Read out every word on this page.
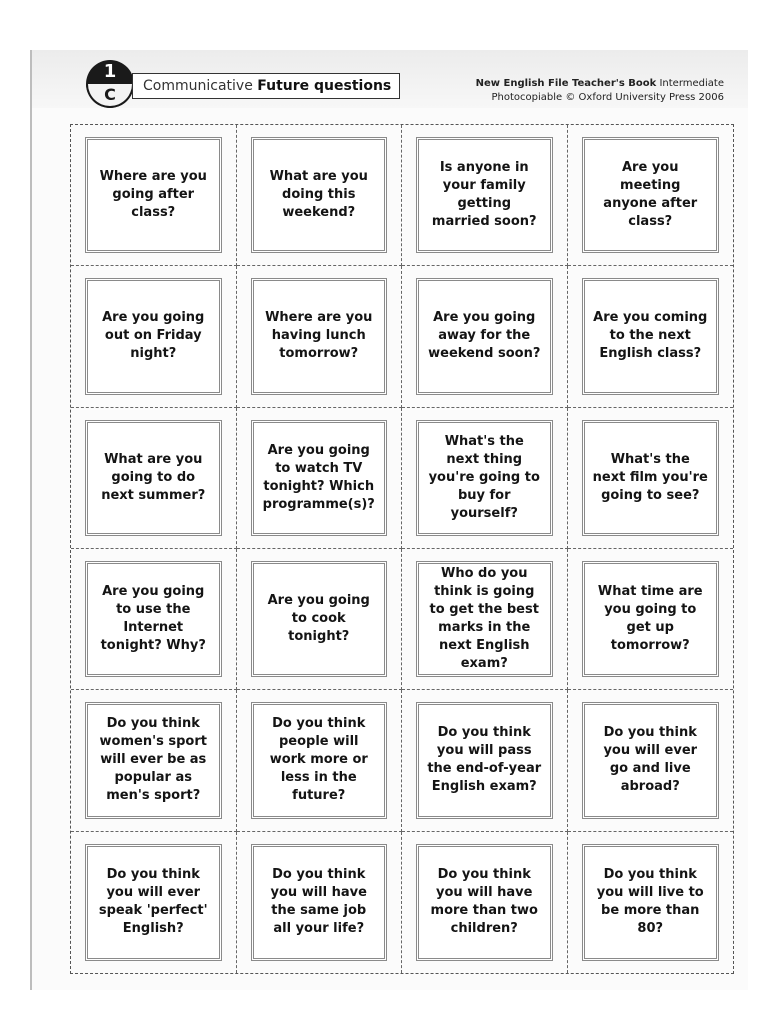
1
C	Communicative Future questions	New English File Teacher's Book Intermediate
Photocopiable © Oxford University Press 2006
Where are you going after class?
What are you doing this weekend?
Is anyone in your family getting married soon?
Are you meeting anyone after class?
Are you going out on Friday night?
Where are you having lunch tomorrow?
Are you going away for the weekend soon?
Are you coming to the next English class?
What are you going to do next summer?
Are you going to watch TV tonight? Which programme(s)?
What's the next thing you're going to buy for yourself?
What's the next film you're going to see?
Are you going to use the Internet tonight? Why?
Are you going to cook tonight?
Who do you think is going to get the best marks in the next English exam?
What time are you going to get up tomorrow?
Do you think women's sport will ever be as popular as men's sport?
Do you think people will work more or less in the future?
Do you think you will pass the end-of-year English exam?
Do you think you will ever go and live abroad?
Do you think you will ever speak 'perfect' English?
Do you think you will have the same job all your life?
Do you think you will have more than two children?
Do you think you will live to be more than 80?
